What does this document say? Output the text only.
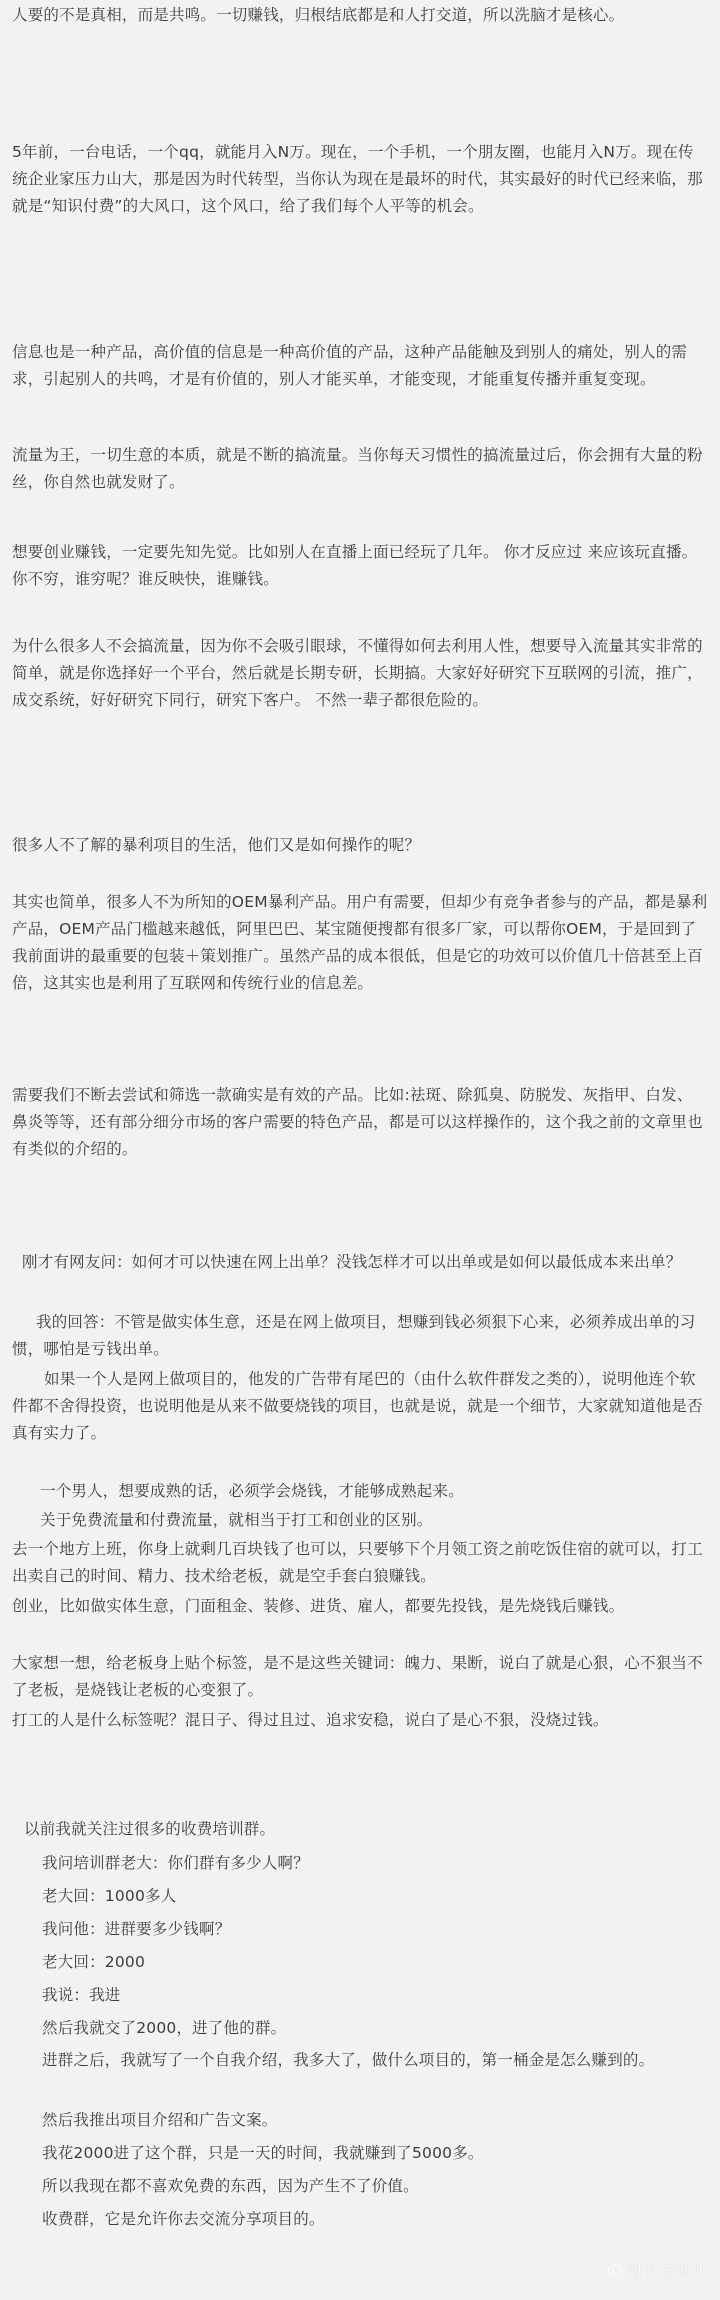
人要的不是真相，而是共鸣。一切赚钱，归根结底都是和人打交道，所以洗脑才是核心。

5年前，一台电话，一个qq，就能月入N万。现在，一个手机，一个朋友圈，也能月入N万。现在传统企业家压力山大，那是因为时代转型，当你认为现在是最坏的时代，其实最好的时代已经来临，那就是“知识付费”的大风口，这个风口，给了我们每个人平等的机会。

信息也是一种产品，高价值的信息是一种高价值的产品，这种产品能触及到别人的痛处，别人的需求，引起别人的共鸣，才是有价值的，别人才能买单，才能变现，才能重复传播并重复变现。

流量为王，一切生意的本质，就是不断的搞流量。当你每天习惯性的搞流量过后，你会拥有大量的粉丝，你自然也就发财了。

想要创业赚钱，一定要先知先觉。比如别人在直播上面已经玩了几年。 你才反应过 来应该玩直播。你不穷，谁穷呢？谁反映快，谁赚钱。

为什么很多人不会搞流量，因为你不会吸引眼球，不懂得如何去利用人性，想要导入流量其实非常的简单，就是你选择好一个平台，然后就是长期专研，长期搞。大家好好研究下互联网的引流，推广，成交系统，好好研究下同行，研究下客户。 不然一辈子都很危险的。

很多人不了解的暴利项目的生活，他们又是如何操作的呢？

其实也简单，很多人不为所知的OEM暴利产品。用户有需要，但却少有竞争者参与的产品，都是暴利产品，OEM产品门槛越来越低，阿里巴巴、某宝随便搜都有很多厂家，可以帮你OEM，于是回到了我前面讲的最重要的包装＋策划推广。虽然产品的成本很低，但是它的功效可以价值几十倍甚至上百倍，这其实也是利用了互联网和传统行业的信息差。

需要我们不断去尝试和筛选一款确实是有效的产品。比如:祛斑、除狐臭、防脱发、灰指甲、白发、鼻炎等等，还有部分细分市场的客户需要的特色产品，都是可以这样操作的，这个我之前的文章里也有类似的介绍的。

刚才有网友问：如何才可以快速在网上出单？没钱怎样才可以出单或是如何以最低成本来出单？

我的回答：不管是做实体生意，还是在网上做项目，想赚到钱必须狠下心来，必须养成出单的习惯，哪怕是亏钱出单。

如果一个人是网上做项目的，他发的广告带有尾巴的（由什么软件群发之类的），说明他连个软件都不舍得投资，也说明他是从来不做要烧钱的项目，也就是说，就是一个细节，大家就知道他是否真有实力了。

一个男人，想要成熟的话，必须学会烧钱，才能够成熟起来。

关于免费流量和付费流量，就相当于打工和创业的区别。

去一个地方上班，你身上就剩几百块钱了也可以，只要够下个月领工资之前吃饭住宿的就可以，打工出卖自己的时间、精力、技术给老板，就是空手套白狼赚钱。

创业，比如做实体生意，门面租金、装修、进货、雇人，都要先投钱，是先烧钱后赚钱。

大家想一想，给老板身上贴个标签，是不是这些关键词：魄力、果断，说白了就是心狠，心不狠当不了老板，是烧钱让老板的心变狠了。

打工的人是什么标签呢？混日子、得过且过、追求安稳，说白了是心不狠，没烧过钱。

以前我就关注过很多的收费培训群。

我问培训群老大：你们群有多少人啊？

老大回：1000多人

我问他：进群要多少钱啊？

老大回：2000

我说：我进

然后我就交了2000，进了他的群。

进群之后，我就写了一个自我介绍，我多大了，做什么项目的，第一桶金是怎么赚到的。

然后我推出项目介绍和广告文案。

我花2000进了这个群，只是一天的时间，我就赚到了5000多。

所以我现在都不喜欢免费的东西，因为产生不了价值。

收费群，它是允许你去交流分享项目的。

知乎 @话儿
